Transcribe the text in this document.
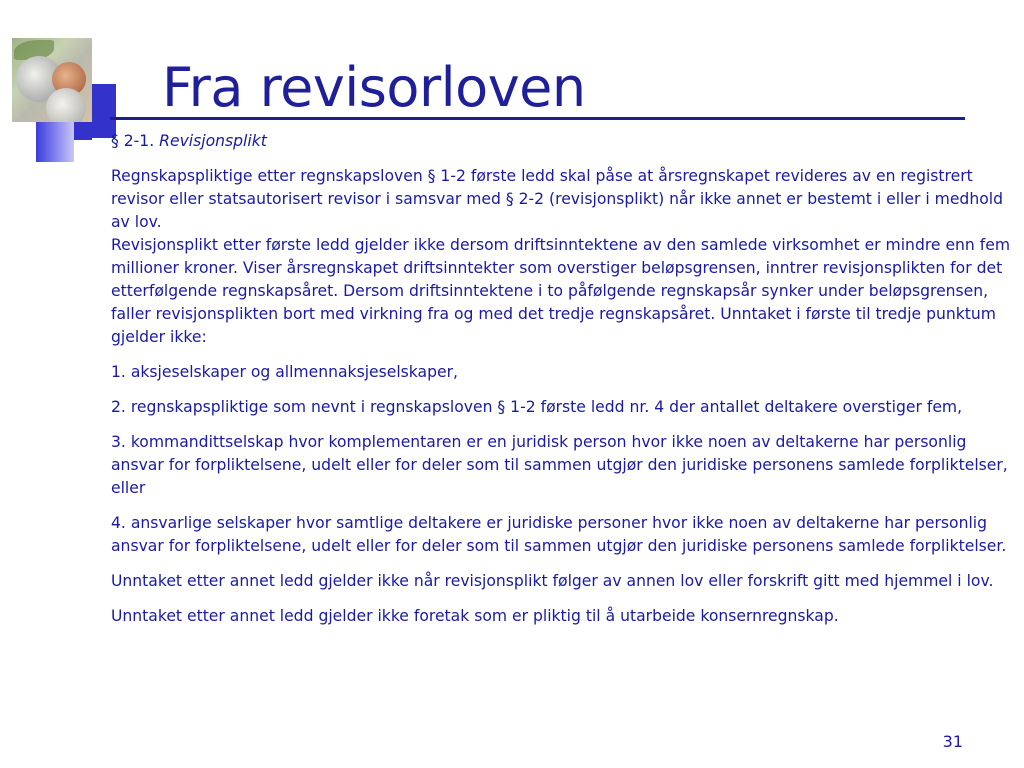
Fra revisorloven

§ 2-1. Revisjonsplikt

Regnskapspliktige etter regnskapsloven § 1-2 første ledd skal påse at årsregnskapet revideres av en registrert revisor eller statsautorisert revisor i samsvar med § 2-2 (revisjonsplikt) når ikke annet er bestemt i eller i medhold av lov.

Revisjonsplikt etter første ledd gjelder ikke dersom driftsinntektene av den samlede virksomhet er mindre enn fem millioner kroner. Viser årsregnskapet driftsinntekter som overstiger beløpsgrensen, inntrer revisjonsplikten for det etterfølgende regnskapsåret. Dersom driftsinntektene i to påfølgende regnskapsår synker under beløpsgrensen, faller revisjonsplikten bort med virkning fra og med det tredje regnskapsåret. Unntaket i første til tredje punktum gjelder ikke:

1. aksjeselskaper og allmennaksjeselskaper,

2. regnskapspliktige som nevnt i regnskapsloven § 1-2 første ledd nr. 4 der antallet deltakere overstiger fem,

3. kommandittselskap hvor komplementaren er en juridisk person hvor ikke noen av deltakerne har personlig ansvar for forpliktelsene, udelt eller for deler som til sammen utgjør den juridiske personens samlede forpliktelser, eller

4. ansvarlige selskaper hvor samtlige deltakere er juridiske personer hvor ikke noen av deltakerne har personlig ansvar for forpliktelsene, udelt eller for deler som til sammen utgjør den juridiske personens samlede forpliktelser.

Unntaket etter annet ledd gjelder ikke når revisjonsplikt følger av annen lov eller forskrift gitt med hjemmel i lov.

Unntaket etter annet ledd gjelder ikke foretak som er pliktig til å utarbeide konsernregnskap.

31
